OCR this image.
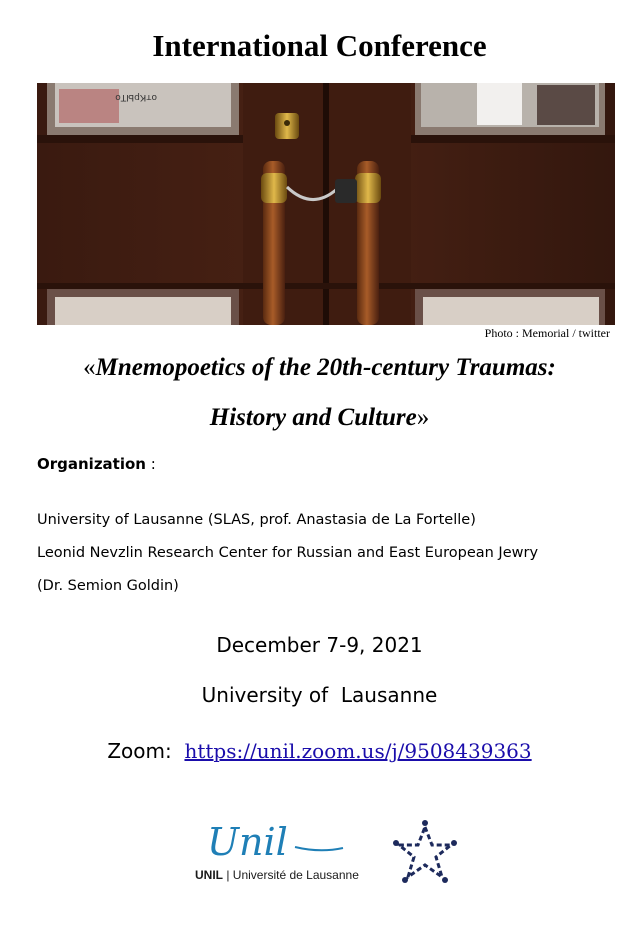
International Conference
отКрЫТо
Photo : Memorial / twitter
«Mnemopoetics of the 20th-century Traumas:
History and Culture»
Organization :
University of Lausanne (SLAS, prof. Anastasia de La Fortelle)
Leonid Nevzlin Research Center for Russian and East European Jewry
(Dr. Semion Goldin)
December 7-9, 2021
University of  Lausanne
Zoom: https://unil.zoom.us/j/9508439363
Unil
UNIL | Université de Lausanne
